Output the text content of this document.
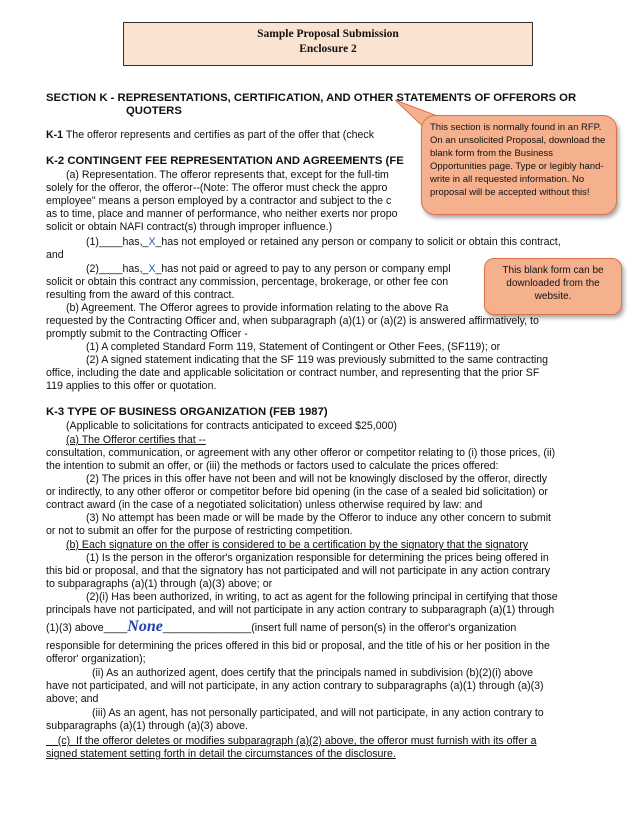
Sample Proposal Submission
Enclosure 2
SECTION K - REPRESENTATIONS, CERTIFICATION, AND OTHER STATEMENTS OF OFFERORS OR
QUOTERS
K-1 The offeror represents and certifies as part of the offer that (check
K-2 CONTINGENT FEE REPRESENTATION AND AGREEMENTS (FE
(a) Representation. The offeror represents that, except for the full-tim
solely for the offeror, the offeror--(Note: The offeror must check the appro
employee" means a person employed by a contractor and subject to the c
as to time, place and manner of performance, who neither exerts nor propo
solicit or obtain NAFI contract(s) through improper influence.)
(1)____has,_X_has not employed or retained any person or company to solicit or obtain this contract,
and
(2)____has,_X_has not paid or agreed to pay to any person or company empl
solicit or obtain this contract any commission, percentage, brokerage, or other fee con
resulting from the award of this contract.
(b) Agreement. The Offeror agrees to provide information relating to the above Ra
requested by the Contracting Officer and, when subparagraph (a)(1) or (a)(2) is answered affirmatively, to
promptly submit to the Contracting Officer -
(1) A completed Standard Form 119, Statement of Contingent or Other Fees, (SF119); or
(2) A signed statement indicating that the SF 119 was previously submitted to the same contracting
office, including the date and applicable solicitation or contract number, and representing that the prior SF
119 applies to this offer or quotation.
K-3 TYPE OF BUSINESS ORGANIZATION (FEB 1987)
(Applicable to solicitations for contracts anticipated to exceed $25,000)
(a) The Offeror certifies that --
consultation, communication, or agreement with any other offeror or competitor relating to (i) those prices, (ii)
the intention to submit an offer, or (iii) the methods or factors used to calculate the prices offered:
(2) The prices in this offer have not been and will not be knowingly disclosed by the offeror, directly
or indirectly, to any other offeror or competitor before bid opening (in the case of a sealed bid solicitation) or
contract award (in the case of a negotiated solicitation) unless otherwise required by law: and
(3) No attempt has been made or will be made by the Offeror to induce any other concern to submit
or not to submit an offer for the purpose of restricting competition.
(b) Each signature on the offer is considered to be a certification by the signatory that the signatory
(1) Is the person in the offeror's organization responsible for determining the prices being offered in
this bid or proposal, and that the signatory has not participated and will not participate in any action contrary
to subparagraphs (a)(1) through (a)(3) above; or
(2)(i) Has been authorized, in writing, to act as agent for the following principal in certifying that those
principals have not participated, and will not participate in any action contrary to subparagraph (a)(1) through
(1)(3) above____None_______________(insert full name of person(s) in the offeror's organization
responsible for determining the prices offered in this bid or proposal, and the title of his or her position in the
offeror' organization);
(ii) As an authorized agent, does certify that the principals named in subdivision (b)(2)(i) above
have not participated, and will not participate, in any action contrary to subparagraphs (a)(1) through (a)(3)
above; and
(iii) As an agent, has not personally participated, and will not participate, in any action contrary to
subparagraphs (a)(1) through (a)(3) above.
(c)  If the offeror deletes or modifies subparagraph (a)(2) above, the offeror must furnish with its offer a
signed statement setting forth in detail the circumstances of the disclosure.
This section is normally found in an RFP. On an unsolicited Proposal, download the blank form from the Business Opportunities page. Type or legibly hand-write in all requested information. No proposal will be accepted without this!
This blank form can be downloaded from the website.
